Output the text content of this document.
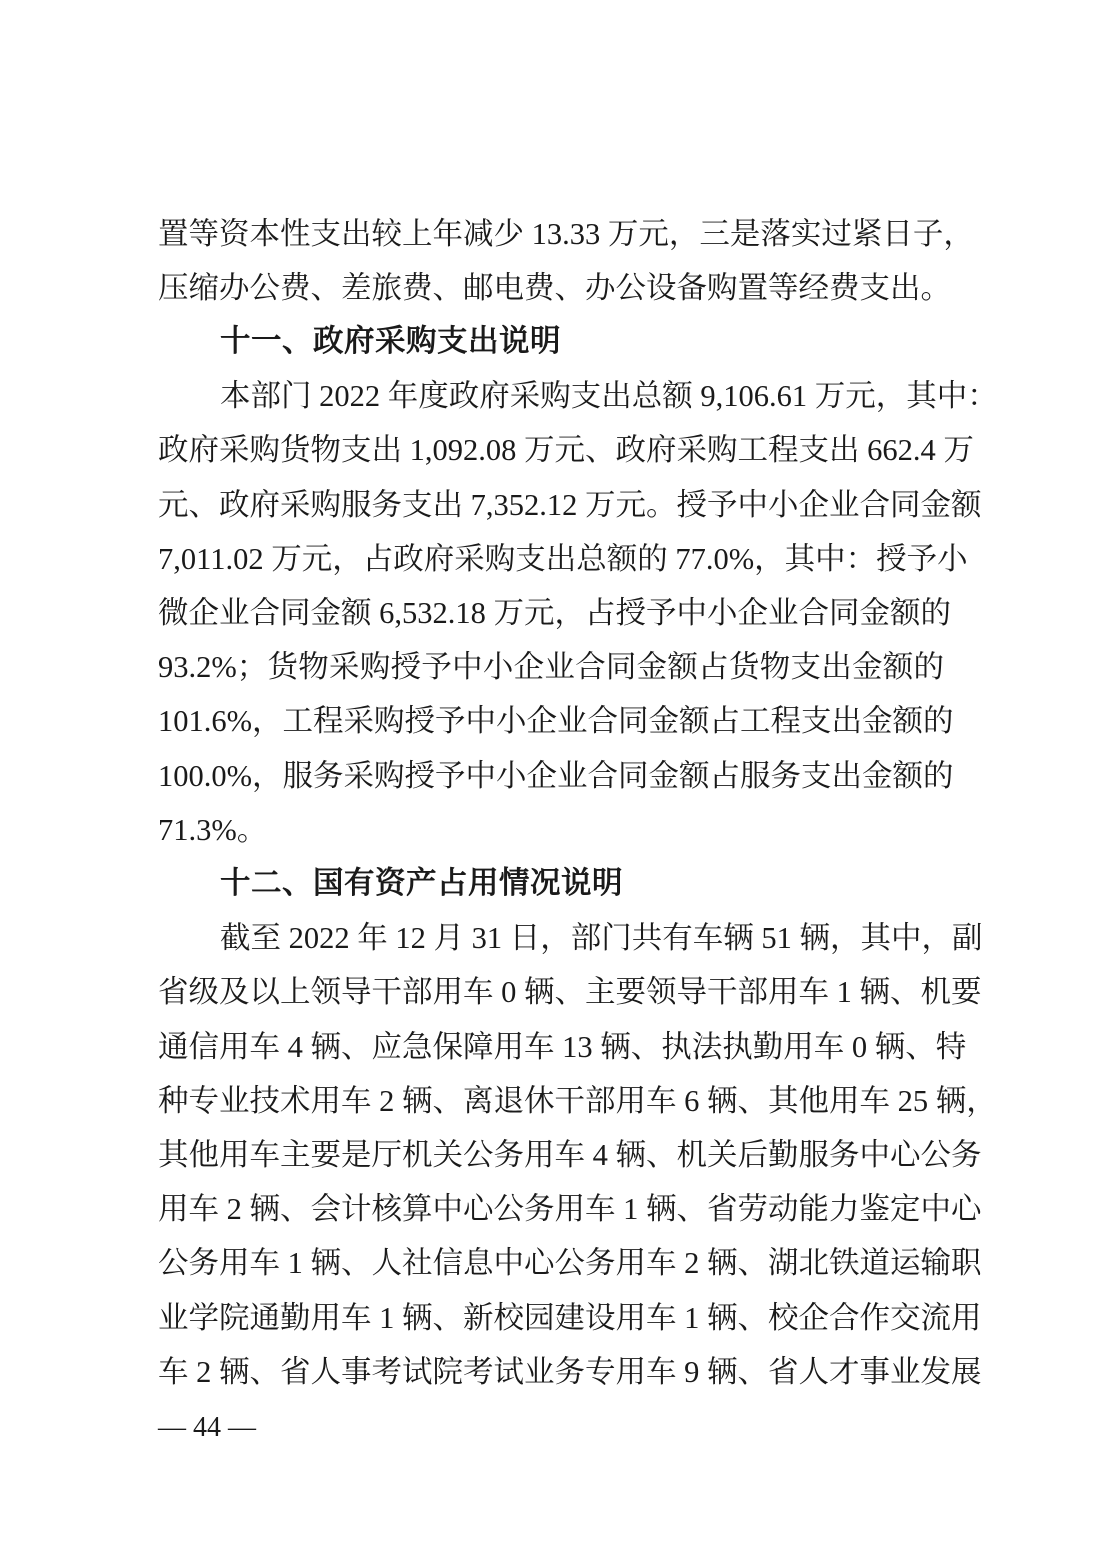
置等资本性支出较上年减少 13.33 万元，三是落实过紧日子，
压缩办公费、差旅费、邮电费、办公设备购置等经费支出。
十一、政府采购支出说明
本部门 2022 年度政府采购支出总额 9,106.61 万元，其中：
政府采购货物支出 1,092.08 万元、政府采购工程支出 662.4 万
元、政府采购服务支出 7,352.12 万元。授予中小企业合同金额
7,011.02 万元，占政府采购支出总额的 77.0%，其中：授予小
微企业合同金额 6,532.18 万元，占授予中小企业合同金额的
93.2%；货物采购授予中小企业合同金额占货物支出金额的
101.6%，工程采购授予中小企业合同金额占工程支出金额的
100.0%，服务采购授予中小企业合同金额占服务支出金额的
71.3%。
十二、国有资产占用情况说明
截至 2022 年 12 月 31 日，部门共有车辆 51 辆，其中，副
省级及以上领导干部用车 0 辆、主要领导干部用车 1 辆、机要
通信用车 4 辆、应急保障用车 13 辆、执法执勤用车 0 辆、特
种专业技术用车 2 辆、离退休干部用车 6 辆、其他用车 25 辆，
其他用车主要是厅机关公务用车 4 辆、机关后勤服务中心公务
用车 2 辆、会计核算中心公务用车 1 辆、省劳动能力鉴定中心
公务用车 1 辆、人社信息中心公务用车 2 辆、湖北铁道运输职
业学院通勤用车 1 辆、新校园建设用车 1 辆、校企合作交流用
车 2 辆、省人事考试院考试业务专用车 9 辆、省人才事业发展
— 44 —
